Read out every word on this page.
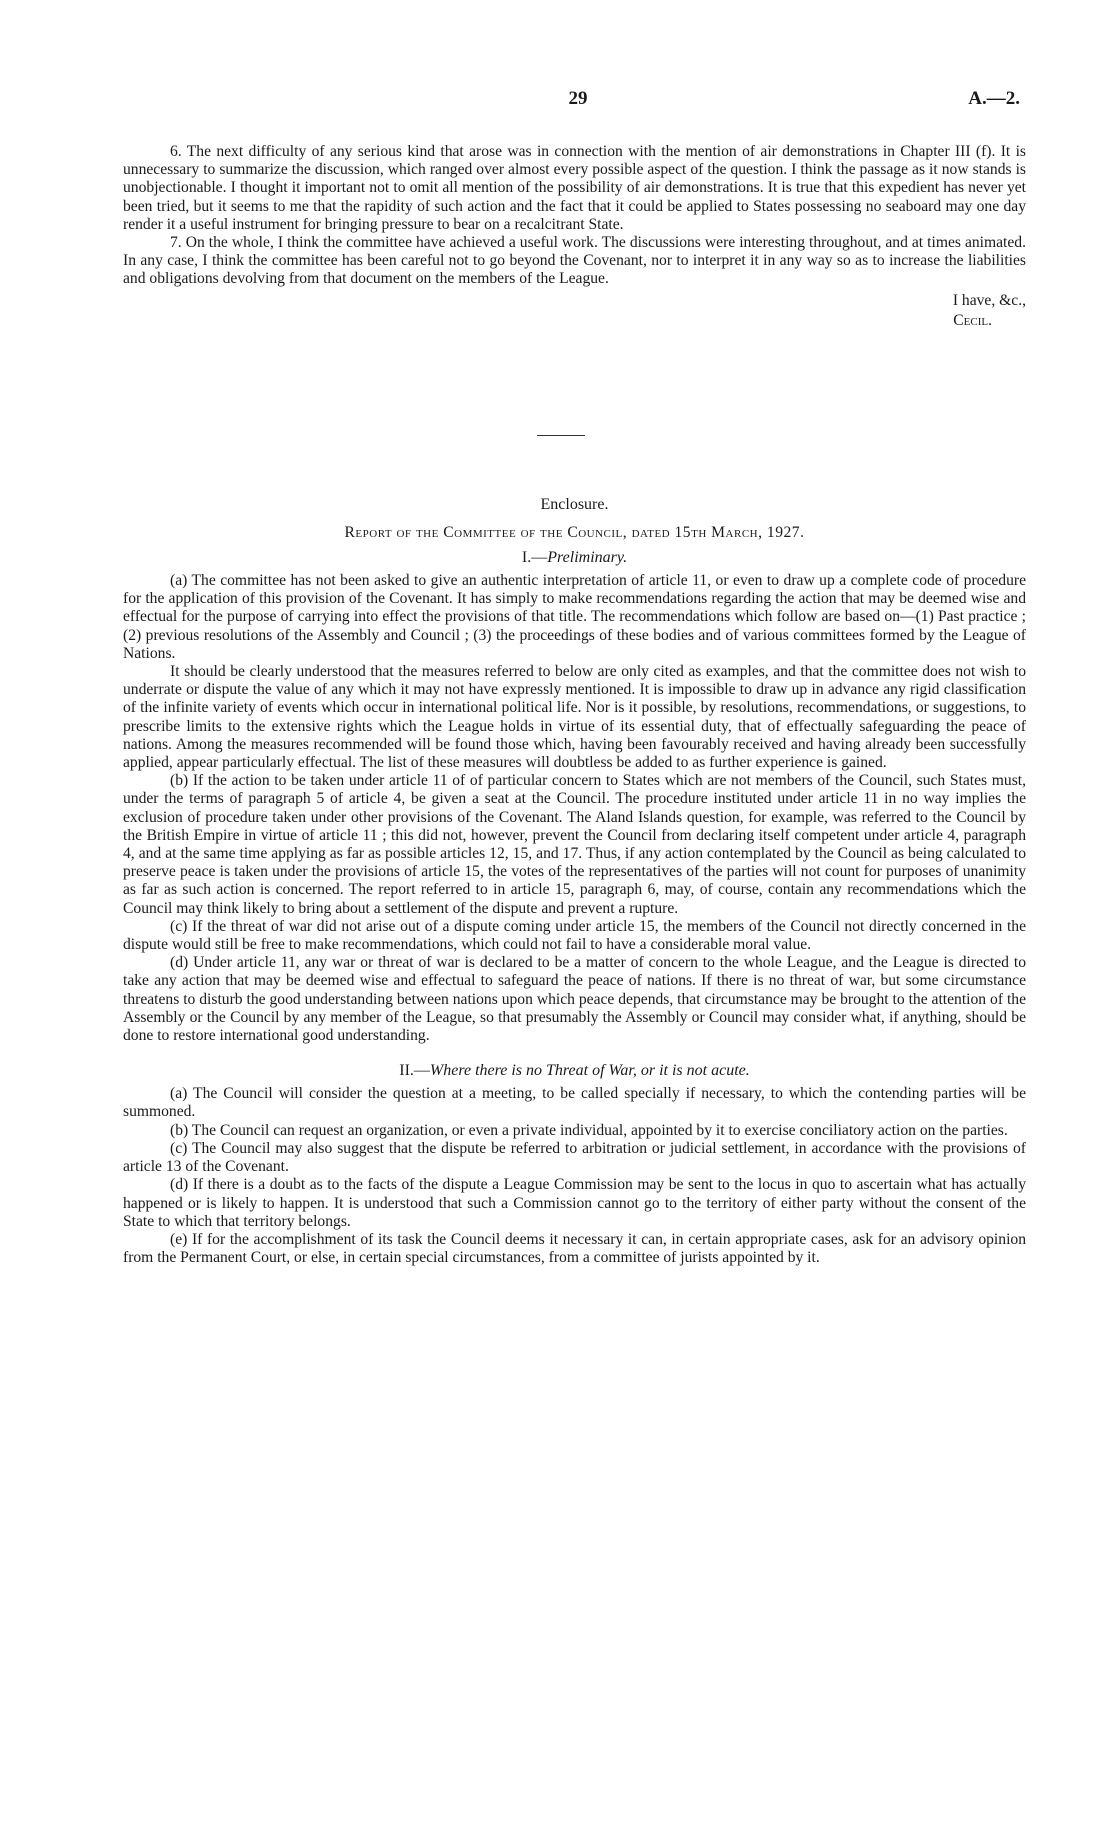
29	A.—2.

6. The next difficulty of any serious kind that arose was in connection with the mention of air demonstrations in Chapter III (f). It is unnecessary to summarize the discussion, which ranged over almost every possible aspect of the question. I think the passage as it now stands is unobjectionable. I thought it important not to omit all mention of the possibility of air demonstrations. It is true that this expedient has never yet been tried, but it seems to me that the rapidity of such action and the fact that it could be applied to States possessing no seaboard may one day render it a useful instrument for bringing pressure to bear on a recalcitrant State.

7. On the whole, I think the committee have achieved a useful work. The discussions were interesting throughout, and at times animated. In any case, I think the committee has been careful not to go beyond the Covenant, nor to interpret it in any way so as to increase the liabilities and obligations devolving from that document on the members of the League.

I have, &c.,
Cecil.
Enclosure.
Report of the Committee of the Council, dated 15th March, 1927.
I.—Preliminary.

(a) The committee has not been asked to give an authentic interpretation of article 11, or even to draw up a complete code of procedure for the application of this provision of the Covenant. It has simply to make recommendations regarding the action that may be deemed wise and effectual for the purpose of carrying into effect the provisions of that title. The recommendations which follow are based on—(1) Past practice ; (2) previous resolutions of the Assembly and Council ; (3) the proceedings of these bodies and of various committees formed by the League of Nations.

It should be clearly understood that the measures referred to below are only cited as examples, and that the committee does not wish to underrate or dispute the value of any which it may not have expressly mentioned. It is impossible to draw up in advance any rigid classification of the infinite variety of events which occur in international political life. Nor is it possible, by resolutions, recommendations, or suggestions, to prescribe limits to the extensive rights which the League holds in virtue of its essential duty, that of effectually safeguarding the peace of nations. Among the measures recommended will be found those which, having been favourably received and having already been successfully applied, appear particularly effectual. The list of these measures will doubtless be added to as further experience is gained.

(b) If the action to be taken under article 11 of of particular concern to States which are not members of the Council, such States must, under the terms of paragraph 5 of article 4, be given a seat at the Council. The procedure instituted under article 11 in no way implies the exclusion of procedure taken under other provisions of the Covenant. The Aland Islands question, for example, was referred to the Council by the British Empire in virtue of article 11 ; this did not, however, prevent the Council from declaring itself competent under article 4, paragraph 4, and at the same time applying as far as possible articles 12, 15, and 17. Thus, if any action contemplated by the Council as being calculated to preserve peace is taken under the provisions of article 15, the votes of the representatives of the parties will not count for purposes of unanimity as far as such action is concerned. The report referred to in article 15, paragraph 6, may, of course, contain any recommendations which the Council may think likely to bring about a settlement of the dispute and prevent a rupture.

(c) If the threat of war did not arise out of a dispute coming under article 15, the members of the Council not directly concerned in the dispute would still be free to make recommendations, which could not fail to have a considerable moral value.

(d) Under article 11, any war or threat of war is declared to be a matter of concern to the whole League, and the League is directed to take any action that may be deemed wise and effectual to safeguard the peace of nations. If there is no threat of war, but some circumstance threatens to disturb the good understanding between nations upon which peace depends, that circumstance may be brought to the attention of the Assembly or the Council by any member of the League, so that presumably the Assembly or Council may consider what, if anything, should be done to restore international good understanding.

II.—Where there is no Threat of War, or it is not acute.

(a) The Council will consider the question at a meeting, to be called specially if necessary, to which the contending parties will be summoned.

(b) The Council can request an organization, or even a private individual, appointed by it to exercise conciliatory action on the parties.

(c) The Council may also suggest that the dispute be referred to arbitration or judicial settlement, in accordance with the provisions of article 13 of the Covenant.

(d) If there is a doubt as to the facts of the dispute a League Commission may be sent to the locus in quo to ascertain what has actually happened or is likely to happen. It is understood that such a Commission cannot go to the territory of either party without the consent of the State to which that territory belongs.

(e) If for the accomplishment of its task the Council deems it necessary it can, in certain appropriate cases, ask for an advisory opinion from the Permanent Court, or else, in certain special circumstances, from a committee of jurists appointed by it.
